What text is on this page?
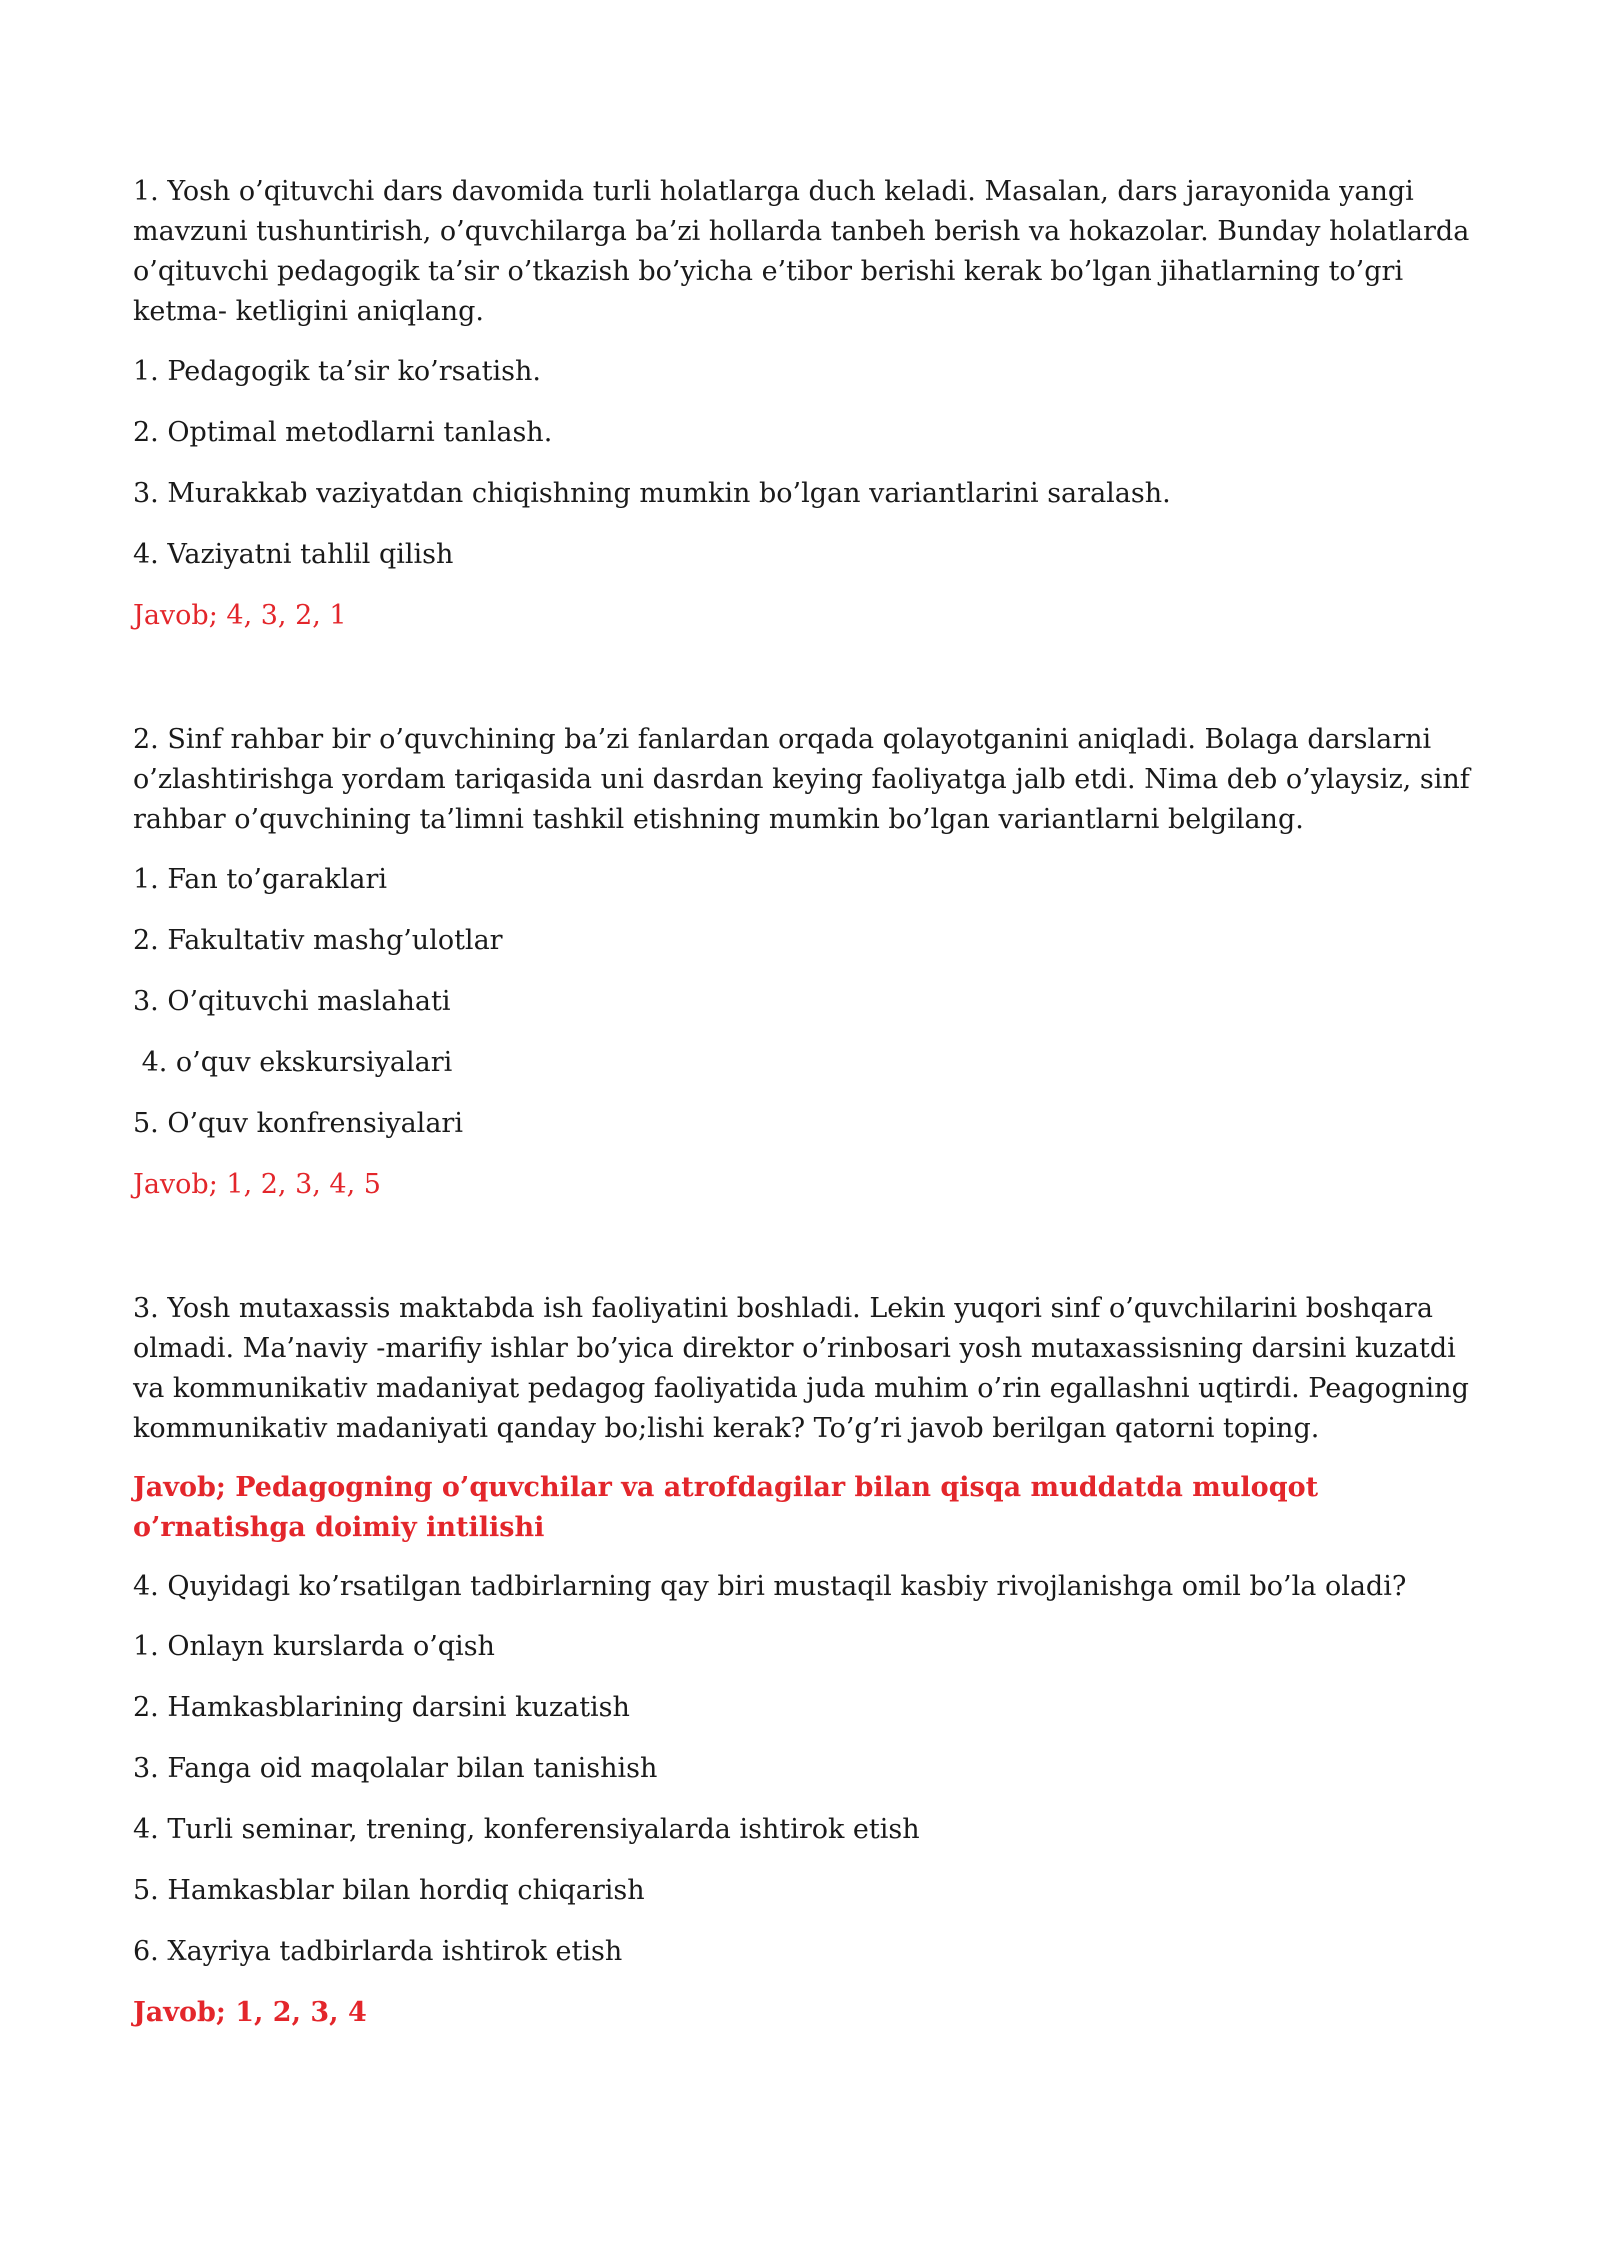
1. Yosh o’qituvchi dars davomida turli holatlarga duch keladi. Masalan, dars jarayonida yangi mavzuni tushuntirish, o’quvchilarga ba’zi hollarda tanbeh berish va hokazolar. Bunday holatlarda o’qituvchi pedagogik ta’sir o’tkazish bo’yicha e’tibor berishi kerak bo’lgan jihatlarning to’gri ketma- ketligini aniqlang.

1. Pedagogik ta’sir ko’rsatish.

2. Optimal metodlarni tanlash.

3. Murakkab vaziyatdan chiqishning mumkin bo’lgan variantlarini saralash.

4. Vaziyatni tahlil qilish

Javob; 4, 3, 2, 1

2. Sinf rahbar bir o’quvchining ba’zi fanlardan orqada qolayotganini aniqladi. Bolaga darslarni o’zlashtirishga yordam tariqasida uni dasrdan keying faoliyatga jalb etdi. Nima deb o’ylaysiz, sinf rahbar o’quvchining ta’limni tashkil etishning mumkin bo’lgan variantlarni belgilang.

1. Fan to’garaklari

2. Fakultativ mashg’ulotlar

3. O’qituvchi maslahati

4. o’quv ekskursiyalari

5. O’quv konfrensiyalari

Javob; 1, 2, 3, 4, 5

3. Yosh mutaxassis maktabda ish faoliyatini boshladi. Lekin yuqori sinf o’quvchilarini boshqara olmadi. Ma’naviy -marifiy ishlar bo’yica direktor o’rinbosari yosh mutaxassisning darsini kuzatdi va kommunikativ madaniyat pedagog faoliyatida juda muhim o’rin egallashni uqtirdi. Peagogning kommunikativ madaniyati qanday bo;lishi kerak? To’g’ri javob berilgan qatorni toping.

Javob; Pedagogning o’quvchilar va atrofdagilar bilan qisqa muddatda muloqot o’rnatishga doimiy intilishi

4. Quyidagi ko’rsatilgan tadbirlarning qay biri mustaqil kasbiy rivojlanishga omil bo’la oladi?

1. Onlayn kurslarda o’qish

2. Hamkasblarining darsini kuzatish

3. Fanga oid maqolalar bilan tanishish

4. Turli seminar, trening, konferensiyalarda ishtirok etish

5. Hamkasblar bilan hordiq chiqarish

6. Xayriya tadbirlarda ishtirok etish

Javob; 1, 2, 3, 4
